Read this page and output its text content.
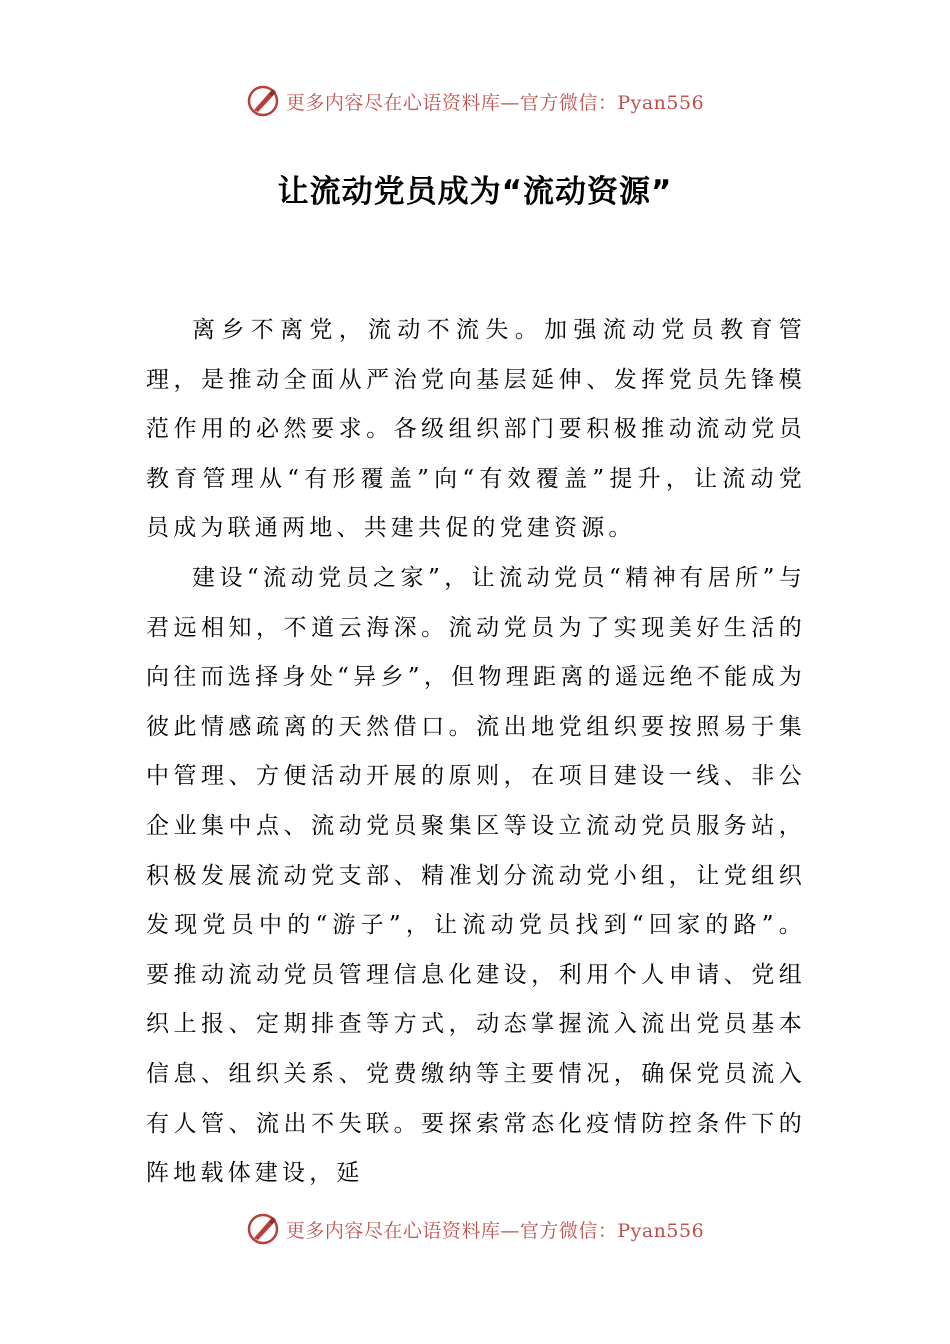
更多内容尽在心语资料库—官方微信：Pyan556
让流动党员成为“流动资源”

离乡不离党，流动不流失。加强流动党员教育管理，是推动全面从严治党向基层延伸、发挥党员先锋模范作用的必然要求。各级组织部门要积极推动流动党员教育管理从“有形覆盖”向“有效覆盖”提升，让流动党员成为联通两地、共建共促的党建资源。

建设“流动党员之家”，让流动党员“精神有居所”与君远相知，不道云海深。流动党员为了实现美好生活的向往而选择身处“异乡”，但物理距离的遥远绝不能成为彼此情感疏离的天然借口。流出地党组织要按照易于集中管理、方便活动开展的原则，在项目建设一线、非公企业集中点、流动党员聚集区等设立流动党员服务站，积极发展流动党支部、精准划分流动党小组，让党组织发现党员中的“游子”，让流动党员找到“回家的路”。要推动流动党员管理信息化建设，利用个人申请、党组织上报、定期排查等方式，动态掌握流入流出党员基本信息、组织关系、党费缴纳等主要情况，确保党员流入有人管、流出不失联。要探索常态化疫情防控条件下的阵地载体建设，延

更多内容尽在心语资料库—官方微信：Pyan556
